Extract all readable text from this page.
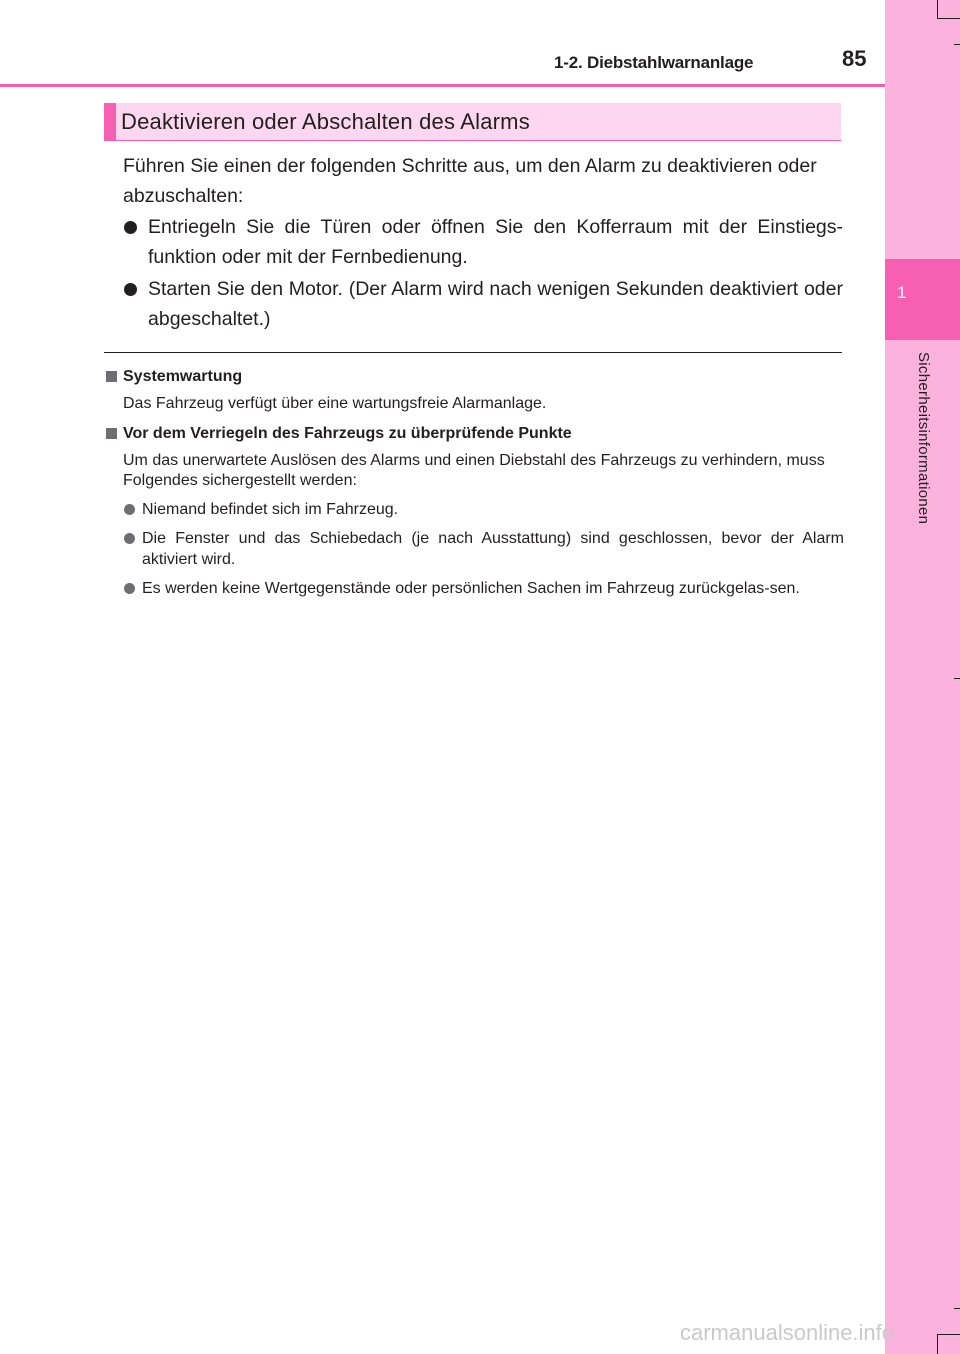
1
Sicherheitsinformationen
1-2. Diebstahlwarnanlage	85
Deaktivieren oder Abschalten des Alarms
Führen Sie einen der folgenden Schritte aus, um den Alarm zu deaktivieren oder abzuschalten:
Entriegeln Sie die Türen oder öffnen Sie den Kofferraum mit der Einstiegs-funktion oder mit der Fernbedienung.
Starten Sie den Motor. (Der Alarm wird nach wenigen Sekunden deaktiviert oder abgeschaltet.)
Systemwartung
Das Fahrzeug verfügt über eine wartungsfreie Alarmanlage.
Vor dem Verriegeln des Fahrzeugs zu überprüfende Punkte
Um das unerwartete Auslösen des Alarms und einen Diebstahl des Fahrzeugs zu verhindern, muss Folgendes sichergestellt werden:
Niemand befindet sich im Fahrzeug.
Die Fenster und das Schiebedach (je nach Ausstattung) sind geschlossen, bevor der Alarm aktiviert wird.
Es werden keine Wertgegenstände oder persönlichen Sachen im Fahrzeug zurückgelas-sen.
carmanualsonline.info
